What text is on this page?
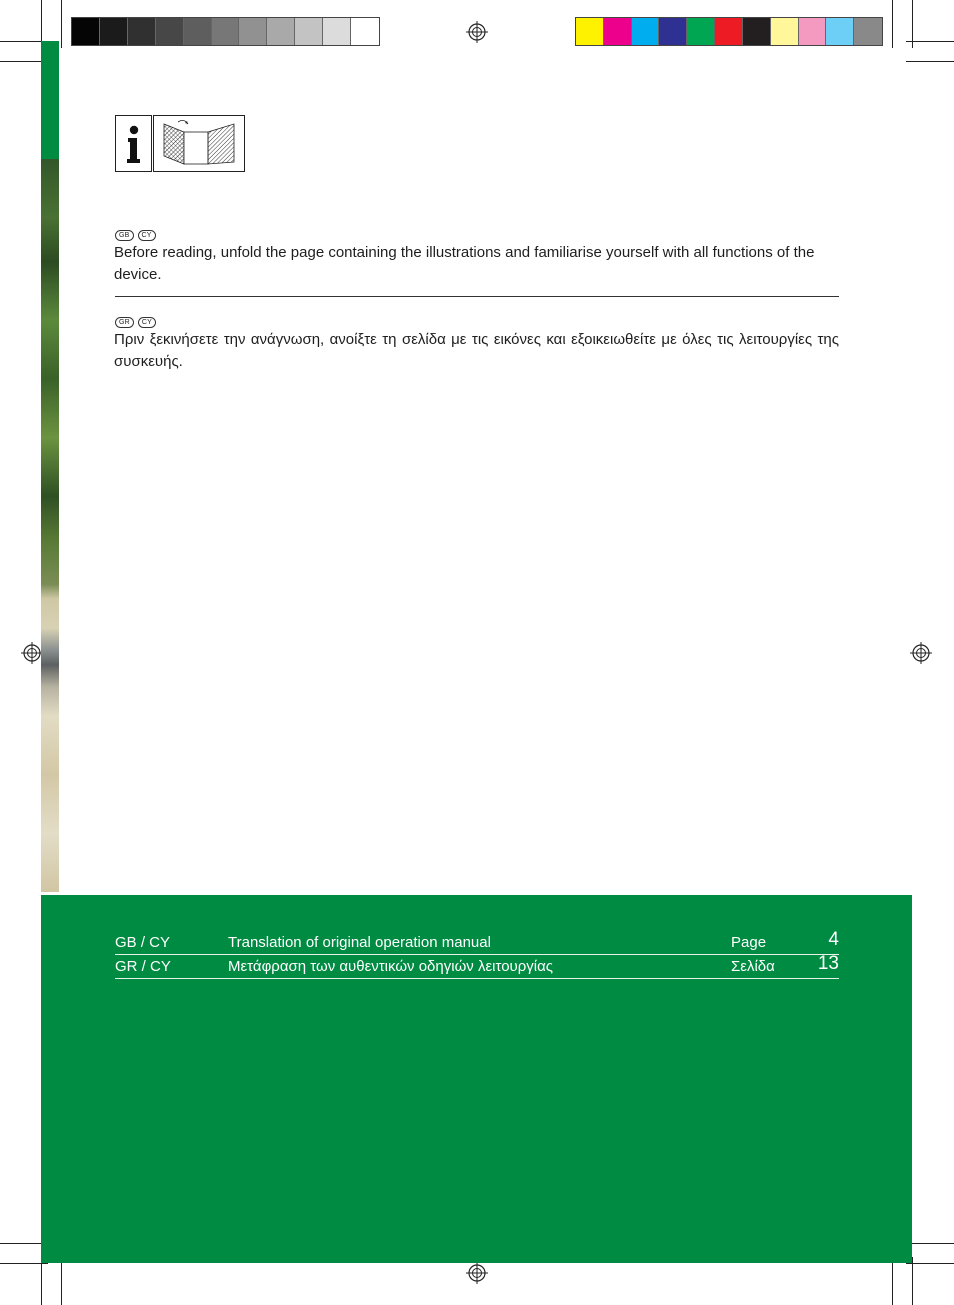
GB CY
Before reading, unfold the page containing the illustrations and familiarise yourself with all functions of the device.
GR CY
Πριν ξεκινήσετε την ανάγνωση, ανοίξτε τη σελίδα με τις εικόνες και εξοικειωθείτε με όλες τις λειτουργίες της συσκευής.
GB / CY	Translation of original operation manual	Page	4
GR / CY	Μετάφραση των αυθεντικών οδηγιών λειτουργίας	Σελίδα 13
